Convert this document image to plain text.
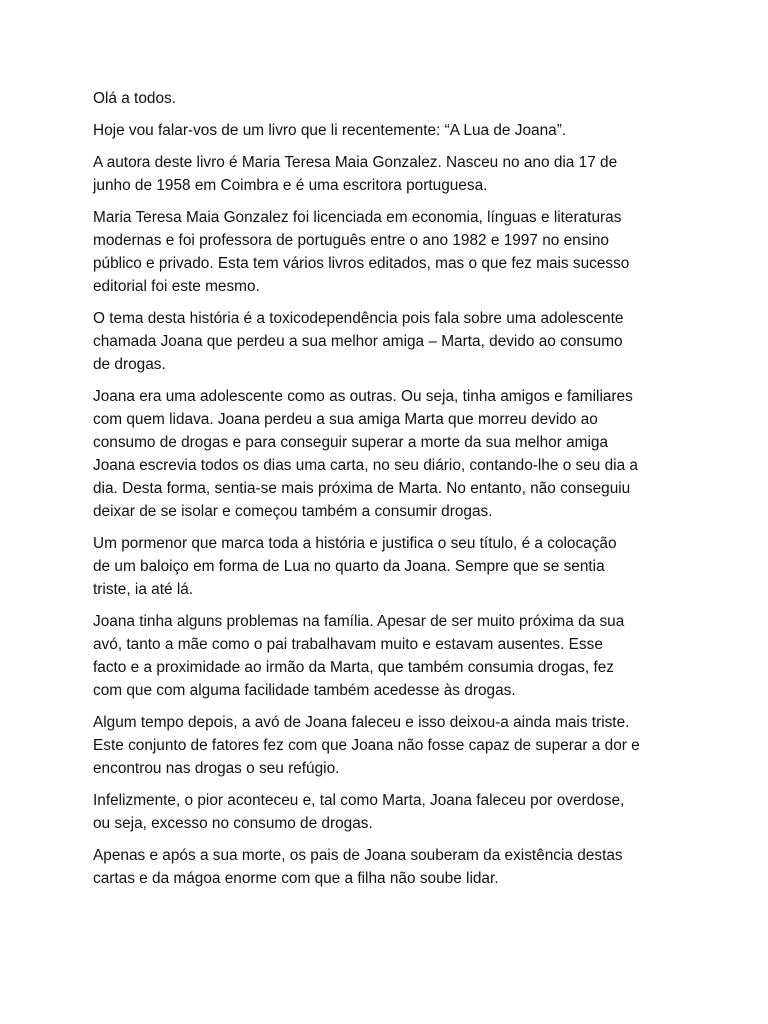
Olá a todos.

Hoje vou falar-vos de um livro que li recentemente: “A Lua de Joana”.

A autora deste livro é Maria Teresa Maia Gonzalez. Nasceu no ano dia 17 de
junho de 1958 em Coimbra e é uma escritora portuguesa.

Maria Teresa Maia Gonzalez foi licenciada em economia, línguas e literaturas
modernas e foi professora de português entre o ano 1982 e 1997 no ensino
público e privado. Esta tem vários livros editados, mas o que fez mais sucesso
editorial foi este mesmo.

O tema desta história é a toxicodependência pois fala sobre uma adolescente
chamada Joana que perdeu a sua melhor amiga – Marta, devido ao consumo
de drogas.

Joana era uma adolescente como as outras. Ou seja, tinha amigos e familiares
com quem lidava. Joana perdeu a sua amiga Marta que morreu devido ao
consumo de drogas e para conseguir superar a morte da sua melhor amiga
Joana escrevia todos os dias uma carta, no seu diário, contando-lhe o seu dia a
dia. Desta forma, sentia-se mais próxima de Marta. No entanto, não conseguiu
deixar de se isolar e começou também a consumir drogas.

Um pormenor que marca toda a história e justifica o seu título, é a colocação
de um baloiço em forma de Lua no quarto da Joana. Sempre que se sentia
triste, ia até lá.

Joana tinha alguns problemas na família. Apesar de ser muito próxima da sua
avó, tanto a mãe como o pai trabalhavam muito e estavam ausentes. Esse
facto e a proximidade ao irmão da Marta, que também consumia drogas, fez
com que com alguma facilidade também acedesse às drogas.

Algum tempo depois, a avó de Joana faleceu e isso deixou-a ainda mais triste.
Este conjunto de fatores fez com que Joana não fosse capaz de superar a dor e
encontrou nas drogas o seu refúgio.

Infelizmente, o pior aconteceu e, tal como Marta, Joana faleceu por overdose,
ou seja, excesso no consumo de drogas.

Apenas e após a sua morte, os pais de Joana souberam da existência destas
cartas e da mágoa enorme com que a filha não soube lidar.
